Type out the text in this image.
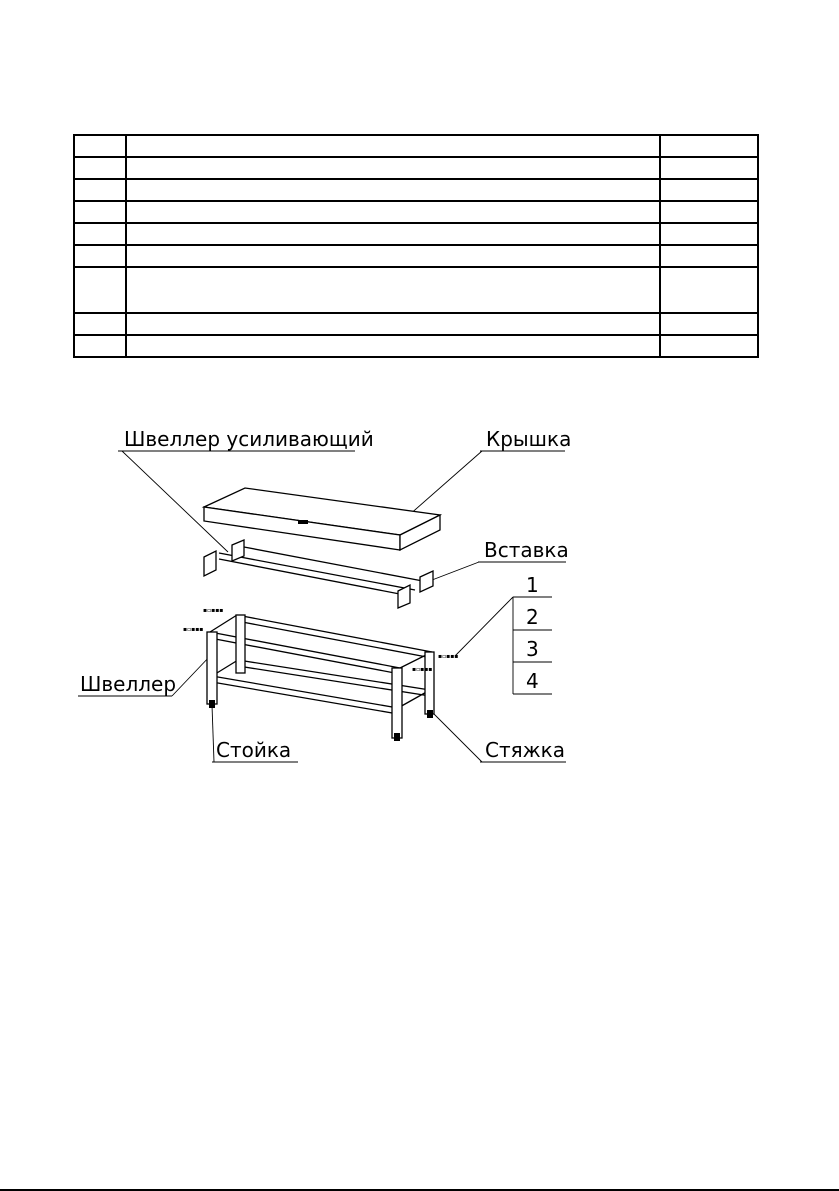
Швеллер усиливающий	Крышка
Вставка
Швеллер
Стойка	Стяжка
1
2
3
4
▪▫▪▪▪
▪▫▪▪▪
▪▫▪▪▪
▪▫▪▪▪
